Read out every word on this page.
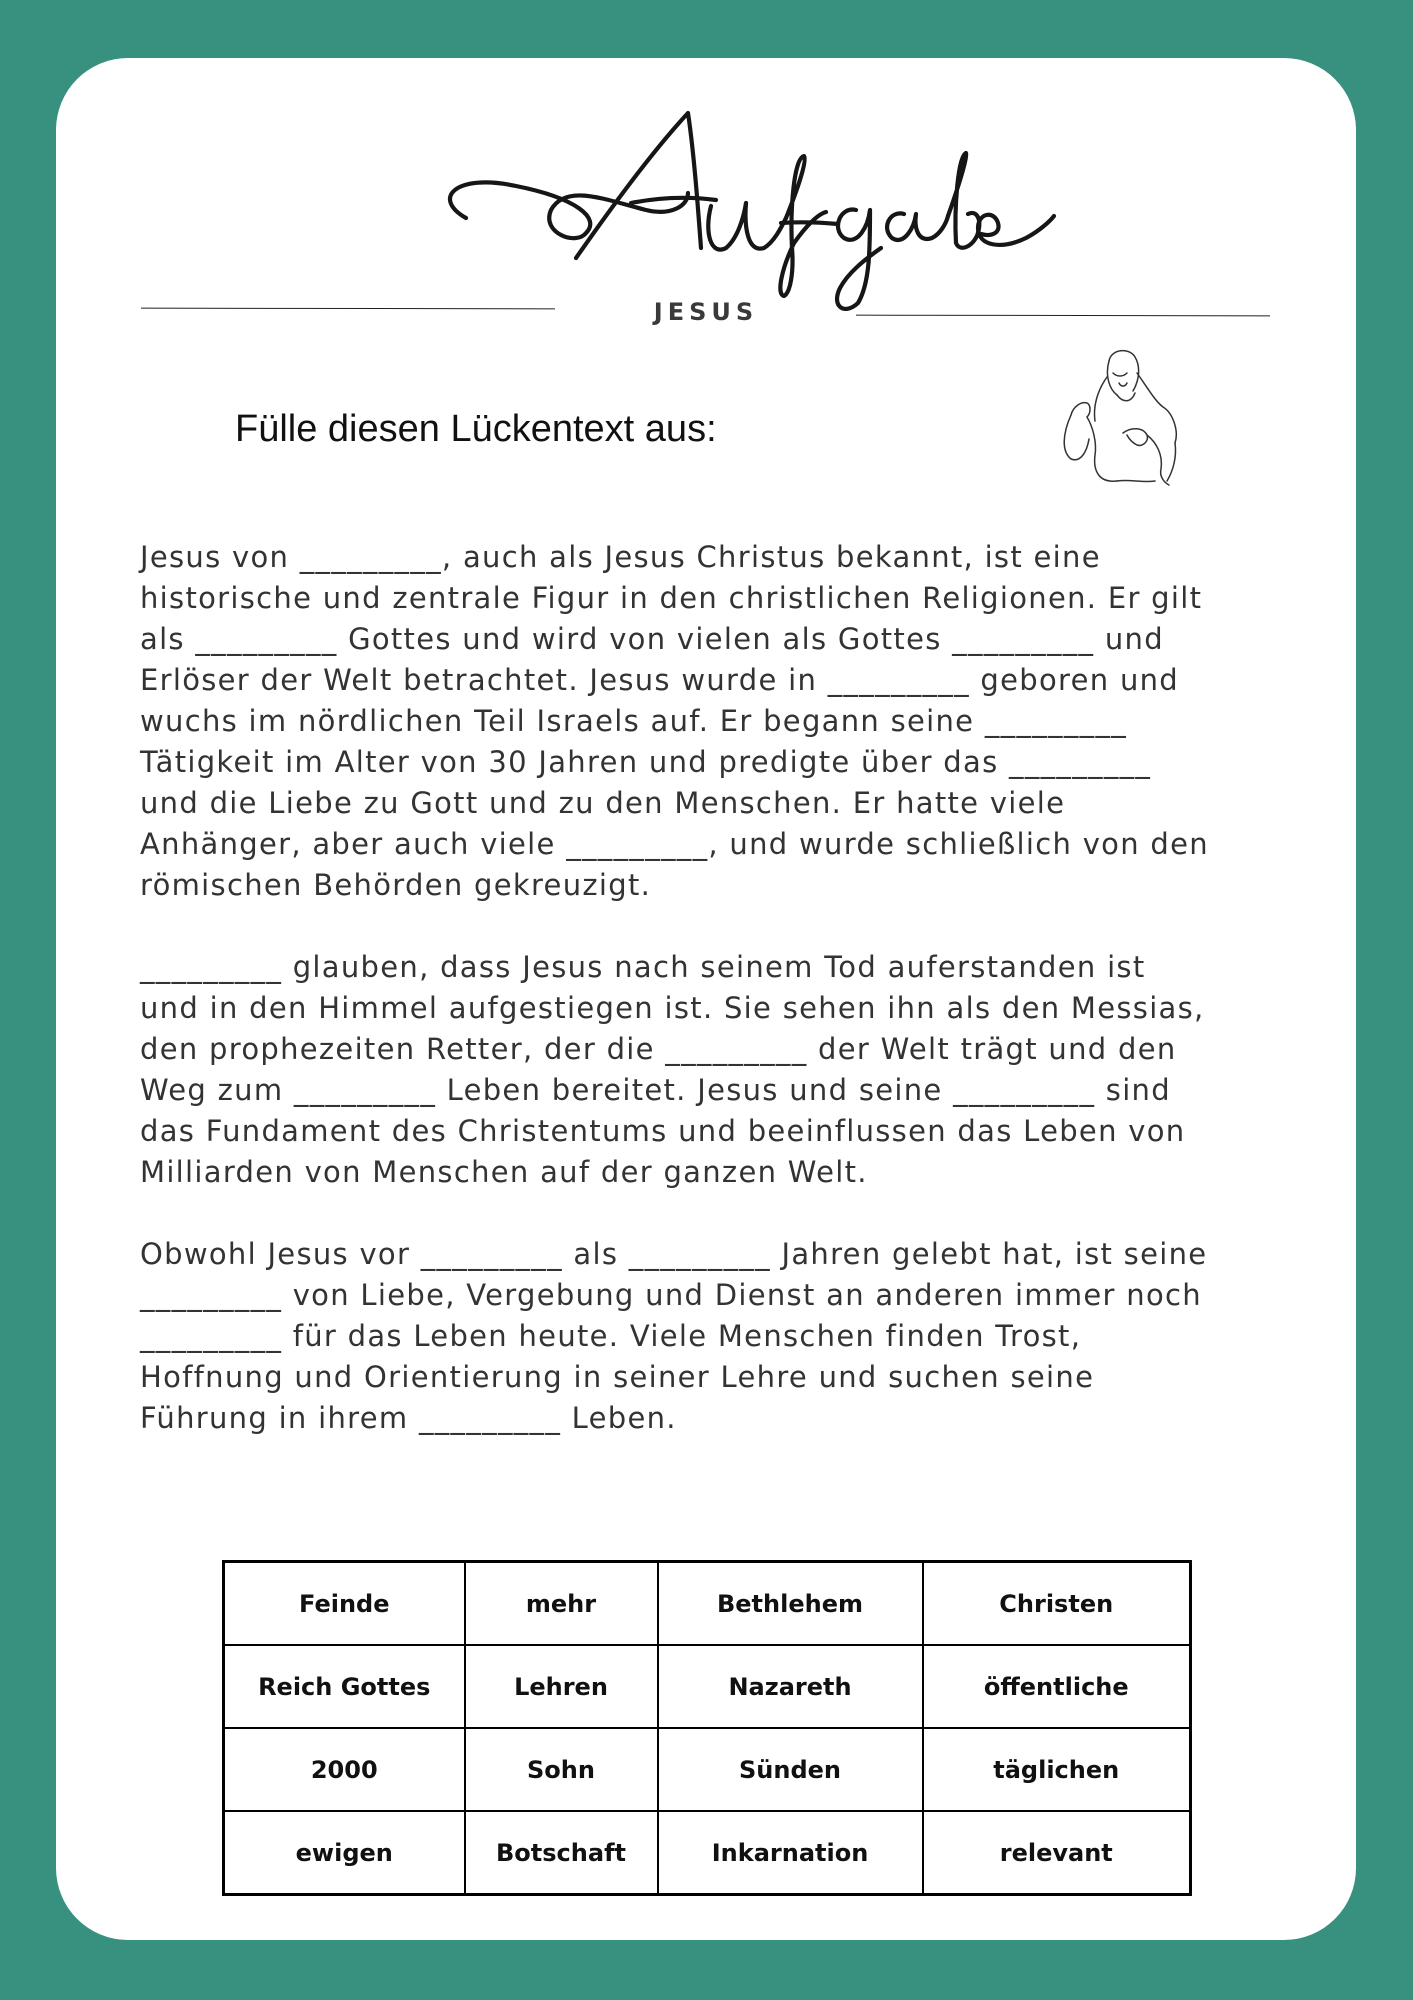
JESUS
Fülle diesen Lückentext aus:
Jesus von _________, auch als Jesus Christus bekannt, ist eine
historische und zentrale Figur in den christlichen Religionen. Er gilt
als _________ Gottes und wird von vielen als Gottes _________ und
Erlöser der Welt betrachtet. Jesus wurde in _________ geboren und
wuchs im nördlichen Teil Israels auf. Er begann seine _________
Tätigkeit im Alter von 30 Jahren und predigte über das _________
und die Liebe zu Gott und zu den Menschen. Er hatte viele
Anhänger, aber auch viele _________, und wurde schließlich von den
römischen Behörden gekreuzigt.
_________ glauben, dass Jesus nach seinem Tod auferstanden ist
und in den Himmel aufgestiegen ist. Sie sehen ihn als den Messias,
den prophezeiten Retter, der die _________ der Welt trägt und den
Weg zum _________ Leben bereitet. Jesus und seine _________ sind
das Fundament des Christentums und beeinflussen das Leben von
Milliarden von Menschen auf der ganzen Welt.
Obwohl Jesus vor _________ als _________ Jahren gelebt hat, ist seine
_________ von Liebe, Vergebung und Dienst an anderen immer noch
_________ für das Leben heute. Viele Menschen finden Trost,
Hoffnung und Orientierung in seiner Lehre und suchen seine
Führung in ihrem _________ Leben.
Feinde	mehr	Bethlehem	Christen
Reich Gottes	Lehren	Nazareth	öffentliche
2000	Sohn	Sünden	täglichen
ewigen	Botschaft	Inkarnation	relevant
